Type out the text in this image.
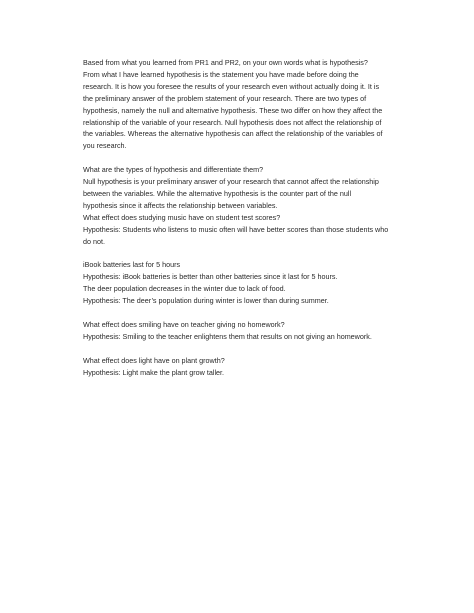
Based from what you learned from PR1 and PR2, on your own words what is hypothesis?
From what I have learned hypothesis is the statement you have made before doing the
research. It is how you foresee the results of your research even without actually doing it. It is
the preliminary answer of the problem statement of your research. There are two types of
hypothesis, namely the null and alternative hypothesis. These two differ on how they affect the
relationship of the variable of your research. Null hypothesis does not affect the relationship of
the variables. Whereas the alternative hypothesis can affect the relationship of the variables of
you research.
What are the types of hypothesis and differentiate them?
Null hypothesis is your preliminary answer of your research that cannot affect the relationship
between the variables. While the alternative hypothesis is the counter part of the null
hypothesis since it affects the relationship between variables.
What effect does studying music have on student test scores?
Hypothesis: Students who listens to music often will have better scores than those students who
do not.
iBook batteries last for 5 hours
Hypothesis: iBook batteries is better than other batteries since it last for 5 hours.
The deer population decreases in the winter due to lack of food.
Hypothesis: The deer’s population during winter is lower than during summer.
What effect does smiling have on teacher giving no homework?
Hypothesis: Smiling to the teacher enlightens them that results on not giving an homework.
What effect does light have on plant growth?
Hypothesis: Light make the plant grow taller.
